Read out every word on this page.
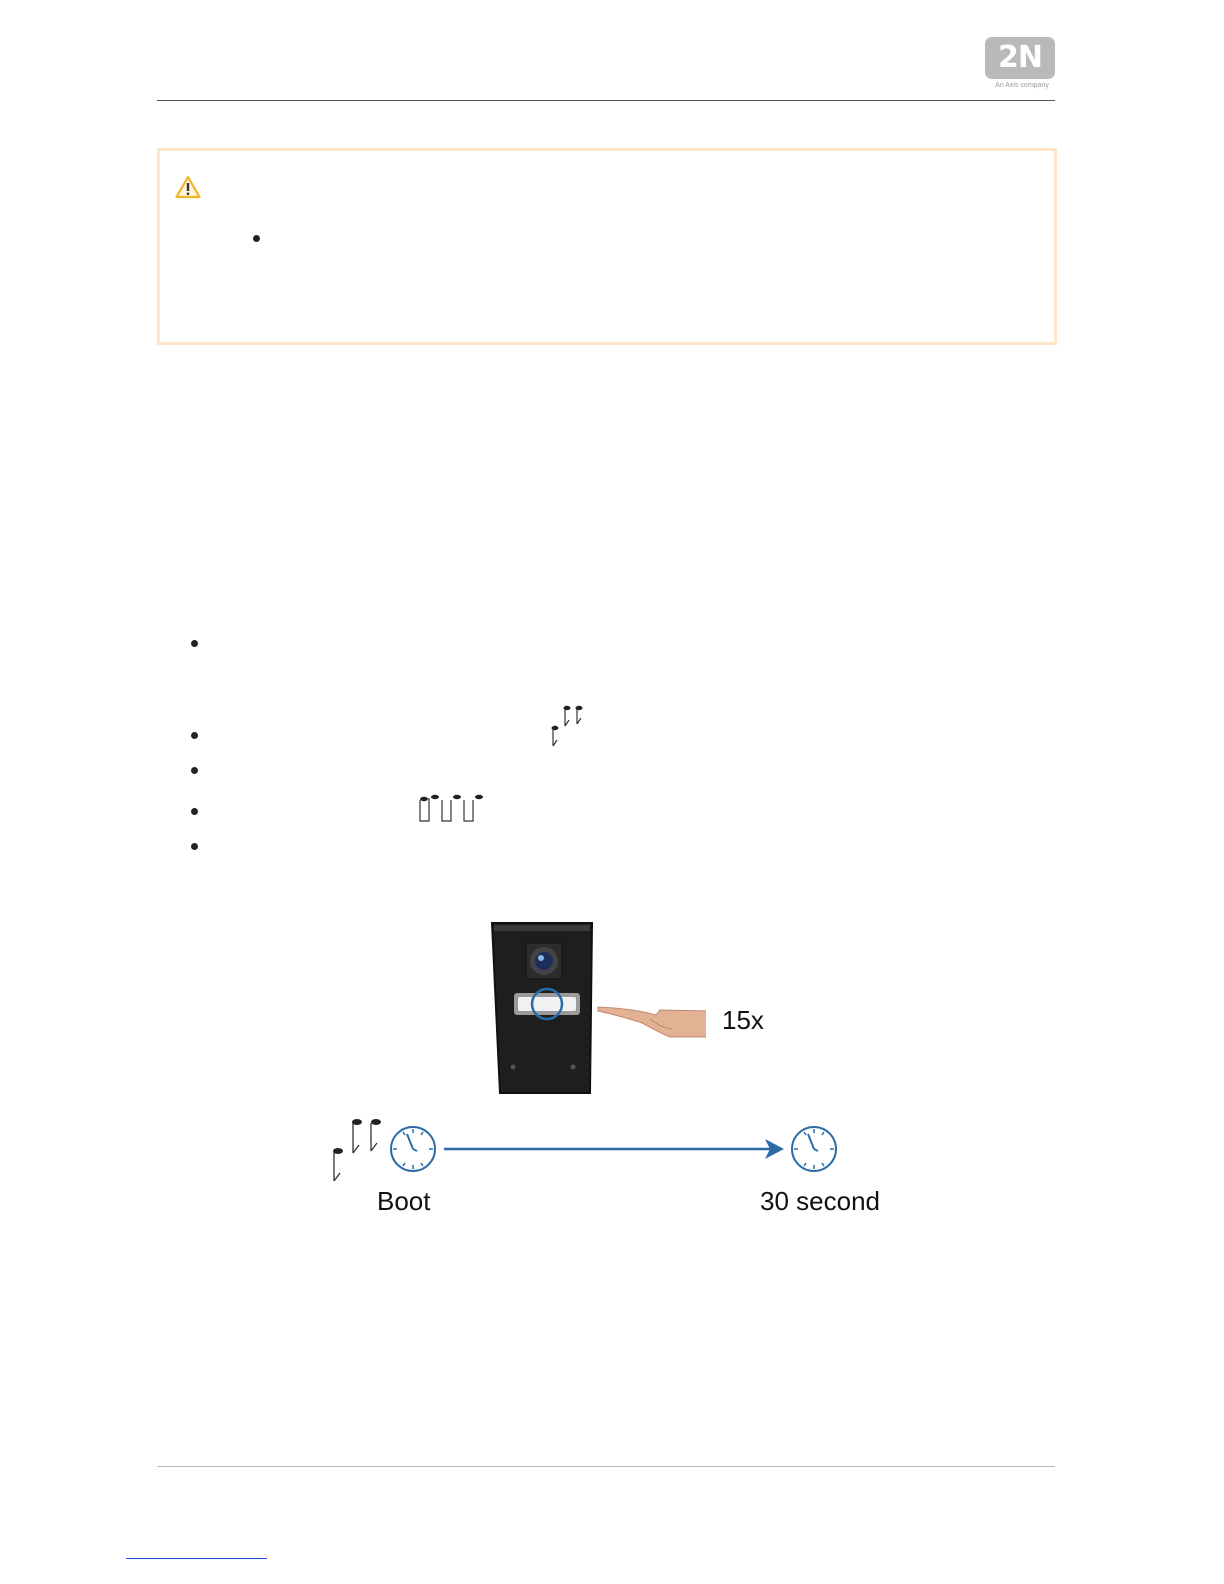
2N
An Axis company
15x
Boot	30 second
